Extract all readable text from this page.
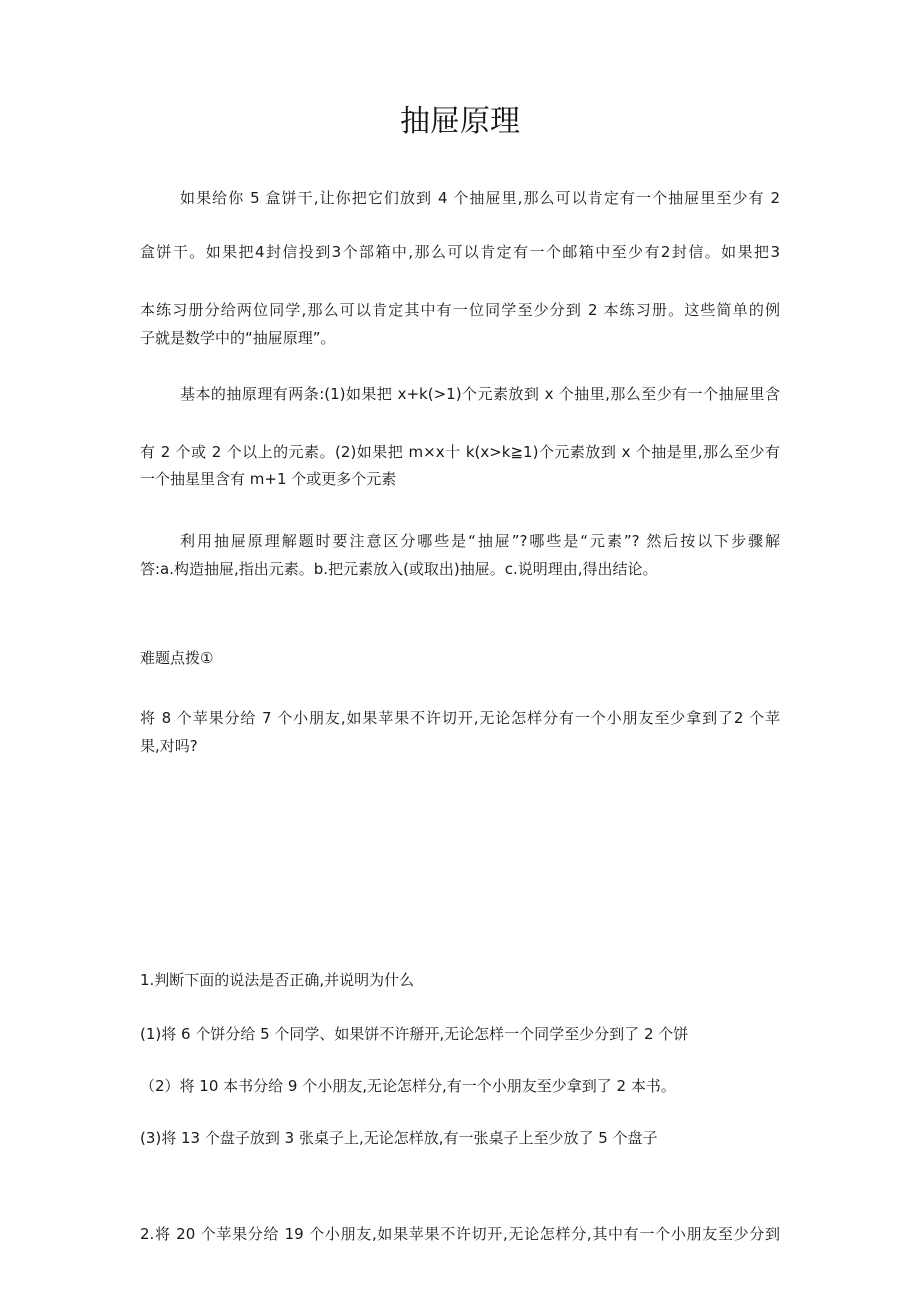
抽屉原理

如果给你 5 盒饼干,让你把它们放到 4 个抽屉里,那么可以肯定有一个抽屉里至少有 2

盒饼干。如果把4封信投到3个部箱中,那么可以肯定有一个邮箱中至少有2封信。如果把3

本练习册分给两位同学,那么可以肯定其中有一位同学至少分到 2 本练习册。这些简单的例

子就是数学中的“抽屉原理”。

基本的抽原理有两条:(1)如果把 x+k(>1)个元素放到 x 个抽里,那么至少有一个抽屉里含

有 2 个或 2 个以上的元素。(2)如果把 m×x十 k(x>k≧1)个元素放到 x 个抽是里,那么至少有

一个抽星里含有 m+1 个或更多个元素

利用抽屉原理解题时要注意区分哪些是“抽屉”?哪些是“元素”? 然后按以下步骤解

答:a.构造抽屉,指出元素。b.把元素放入(或取出)抽屉。c.说明理由,得出结论。

难题点拨①

将 8 个苹果分给 7 个小朋友,如果苹果不许切开,无论怎样分有一个小朋友至少拿到了2 个苹

果,对吗?

1.判断下面的说法是否正确,并说明为什么

(1)将 6 个饼分给 5 个同学、如果饼不许掰开,无论怎样一个同学至少分到了 2 个饼

（2）将 10 本书分给 9 个小朋友,无论怎样分,有一个小朋友至少拿到了 2 本书。

(3)将 13 个盘子放到 3 张桌子上,无论怎样放,有一张桌子上至少放了 5 个盘子

2.将 20 个苹果分给 19 个小朋友,如果苹果不许切开,无论怎样分,其中有一个小朋友至少分到
